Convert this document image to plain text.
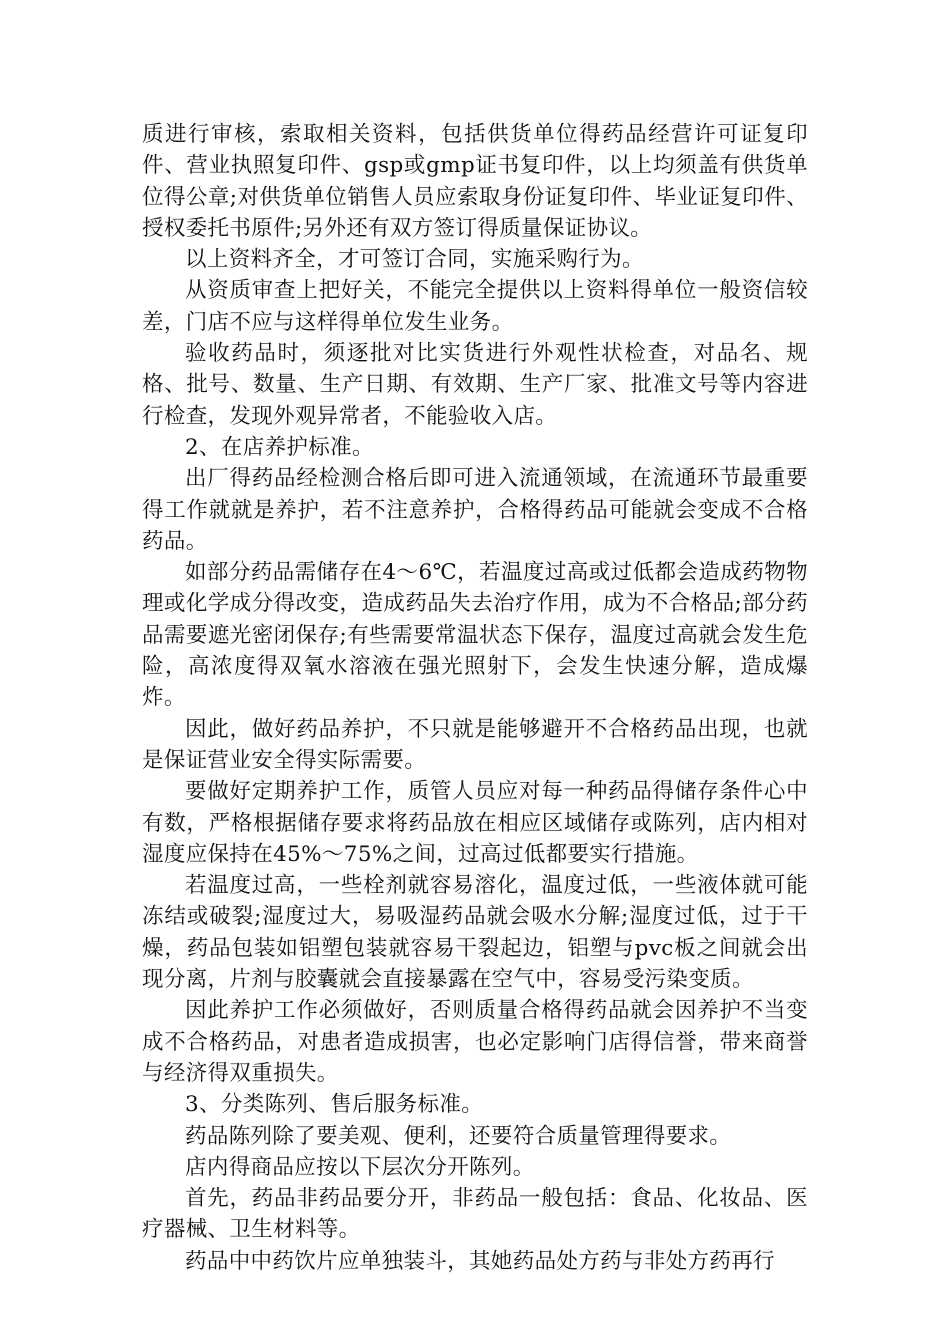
质进行审核，索取相关资料，包括供货单位得药品经营许可证复印件、营业执照复印件、gsp或gmp证书复印件，以上均须盖有供货单位得公章;对供货单位销售人员应索取身份证复印件、毕业证复印件、授权委托书原件;另外还有双方签订得质量保证协议。

以上资料齐全，才可签订合同，实施采购行为。

从资质审查上把好关，不能完全提供以上资料得单位一般资信较差，门店不应与这样得单位发生业务。

验收药品时，须逐批对比实货进行外观性状检查，对品名、规格、批号、数量、生产日期、有效期、生产厂家、批准文号等内容进行检查，发现外观异常者，不能验收入店。

2、在店养护标准。

出厂得药品经检测合格后即可进入流通领域，在流通环节最重要得工作就就是养护，若不注意养护，合格得药品可能就会变成不合格药品。

如部分药品需储存在4～6℃，若温度过高或过低都会造成药物物理或化学成分得改变，造成药品失去治疗作用，成为不合格品;部分药品需要遮光密闭保存;有些需要常温状态下保存，温度过高就会发生危险，高浓度得双氧水溶液在强光照射下，会发生快速分解，造成爆炸。

因此，做好药品养护，不只就是能够避开不合格药品出现，也就是保证营业安全得实际需要。

要做好定期养护工作，质管人员应对每一种药品得储存条件心中有数，严格根据储存要求将药品放在相应区域储存或陈列，店内相对湿度应保持在45%～75%之间，过高过低都要实行措施。

若温度过高，一些栓剂就容易溶化，温度过低，一些液体就可能冻结或破裂;湿度过大，易吸湿药品就会吸水分解;湿度过低，过于干燥，药品包装如铝塑包装就容易干裂起边，铝塑与pvc板之间就会出现分离，片剂与胶囊就会直接暴露在空气中，容易受污染变质。

因此养护工作必须做好，否则质量合格得药品就会因养护不当变成不合格药品，对患者造成损害，也必定影响门店得信誉，带来商誉与经济得双重损失。

3、分类陈列、售后服务标准。

药品陈列除了要美观、便利，还要符合质量管理得要求。

店内得商品应按以下层次分开陈列。

首先，药品非药品要分开，非药品一般包括：食品、化妆品、医疗器械、卫生材料等。

药品中中药饮片应单独装斗，其她药品处方药与非处方药再行
